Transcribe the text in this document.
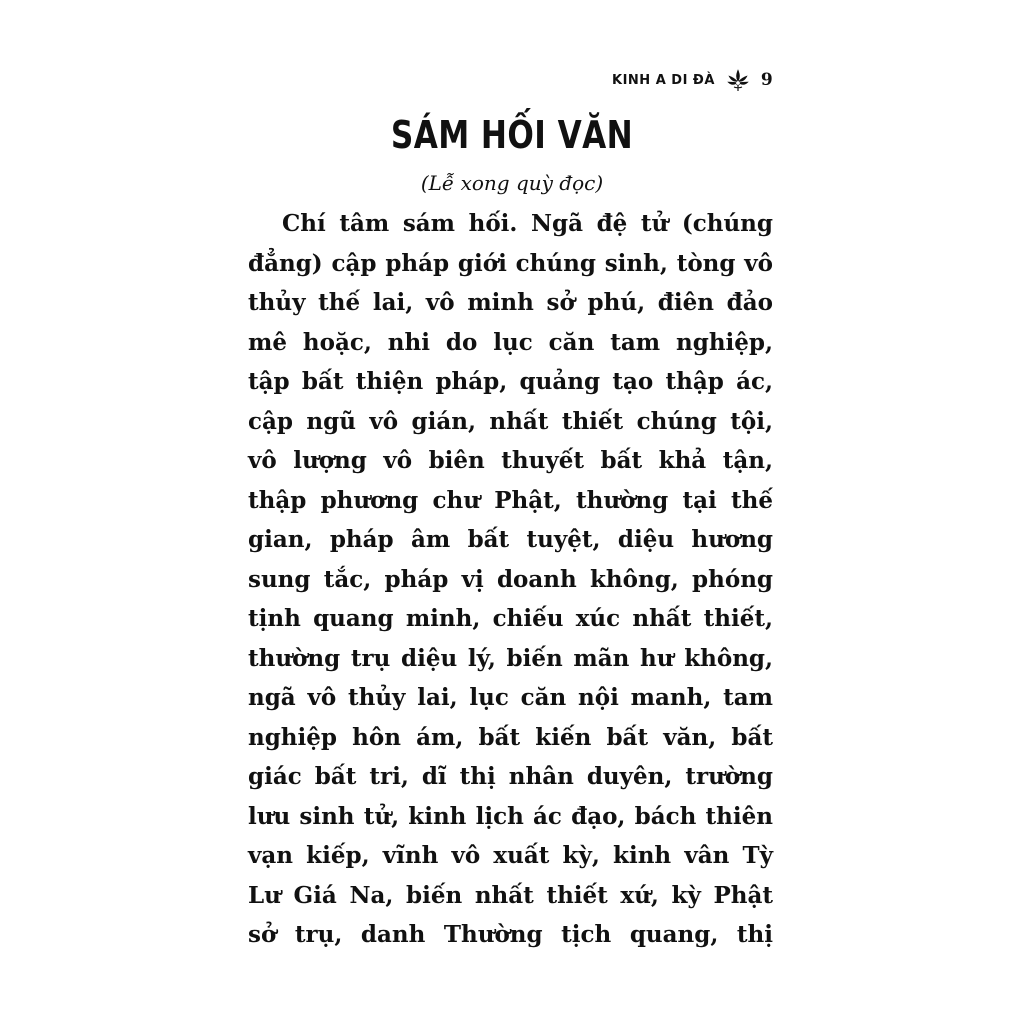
KINH A DI ĐÀ	9
SÁM HỐI VĂN
(Lễ xong quỳ đọc)
Chí tâm sám hối. Ngã đệ tử (chúng
đẳng) cập pháp giới chúng sinh, tòng vô
thủy thế lai, vô minh sở phú, điên đảo
mê hoặc, nhi do lục căn tam nghiệp,
tập bất thiện pháp, quảng tạo thập ác,
cập ngũ vô gián, nhất thiết chúng tội,
vô lượng vô biên thuyết bất khả tận,
thập phương chư Phật, thường tại thế
gian, pháp âm bất tuyệt, diệu hương
sung tắc, pháp vị doanh không, phóng
tịnh quang minh, chiếu xúc nhất thiết,
thường trụ diệu lý, biến mãn hư không,
ngã vô thủy lai, lục căn nội manh, tam
nghiệp hôn ám, bất kiến bất văn, bất
giác bất tri, dĩ thị nhân duyên, trường
lưu sinh tử, kinh lịch ác đạo, bách thiên
vạn kiếp, vĩnh vô xuất kỳ, kinh vân Tỳ
Lư Giá Na, biến nhất thiết xứ, kỳ Phật
sở trụ, danh Thường tịch quang, thị
